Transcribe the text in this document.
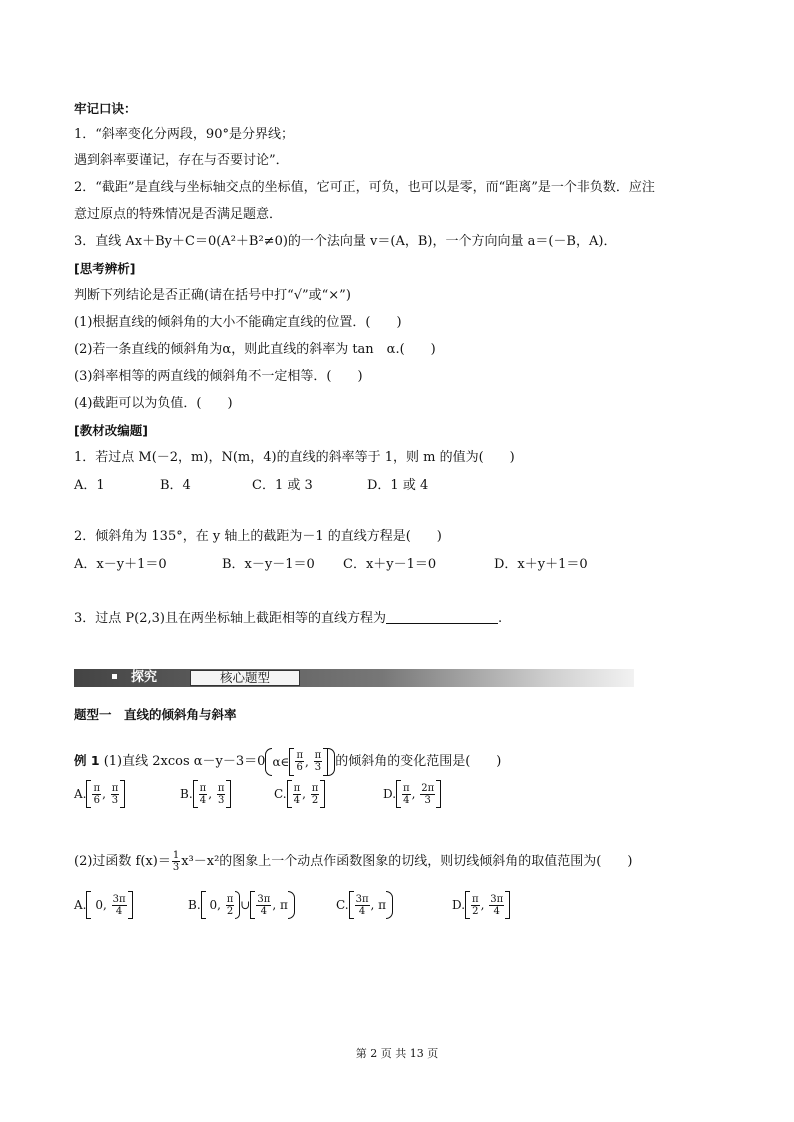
牢记口诀：
1．“斜率变化分两段，90°是分界线；
遇到斜率要谨记，存在与否要讨论”．
2．“截距”是直线与坐标轴交点的坐标值，它可正，可负，也可以是零，而“距离”是一个非负数．应注
意过原点的特殊情况是否满足题意．
3．直线 Ax＋By＋C＝0(A²＋B²≠0)的一个法向量 v＝(A，B)，一个方向向量 a＝(－B，A)．
[思考辨析]
判断下列结论是否正确(请在括号中打“√”或“×”)
(1)根据直线的倾斜角的大小不能确定直线的位置．(　　)
(2)若一条直线的倾斜角为α，则此直线的斜率为 tan　α.(　　)
(3)斜率相等的两直线的倾斜角不一定相等．(　　)
(4)截距可以为负值．(　　)
[教材改编题]
1．若过点 M(－2，m)，N(m，4)的直线的斜率等于 1，则 m 的值为(　　)
A．1	B．4	C．1 或 3	D．1 或 4
2．倾斜角为 135°，在 y 轴上的截距为－1 的直线方程是(　　)
A．x－y＋1＝0	B．x－y－1＝0 C．x＋y－1＝0	D．x＋y＋1＝0
3．过点 P(2,3)且在两坐标轴上截距相等的直线方程为	.
探究	核心题型
题型一　直线的倾斜角与斜率
例 1 (1)直线 2xcos α－y－3＝0 α∈ $\frac{\pi}{6}$ , $\frac{\pi}{3}$ 的倾斜角的变化范围是(　　)
A. $\frac{\pi}{6}$ , $\frac{\pi}{3}$	B. $\frac{\pi}{4}$ , $\frac{\pi}{3}$	C. $\frac{\pi}{4}$ , $\frac{\pi}{2}$	D. $\frac{\pi}{4}$ , $\frac{2\pi}{3}$
(2)过函数 $f(x)= \frac{1}{3} x^3-x^2$的图象上一个动点作函数图象的切线，则切线倾斜角的取值范围为(　　)
A.
0 , $\frac{3\pi}{4}$	B.
0 , $\frac{\pi}{2}$ ∪ $\frac{3\pi}{4}$ , π	C. $\frac{3\pi}{4}$ , π	D. $\frac{\pi}{2}$ , $\frac{3\pi}{4}$
第 2 页 共 13 页
